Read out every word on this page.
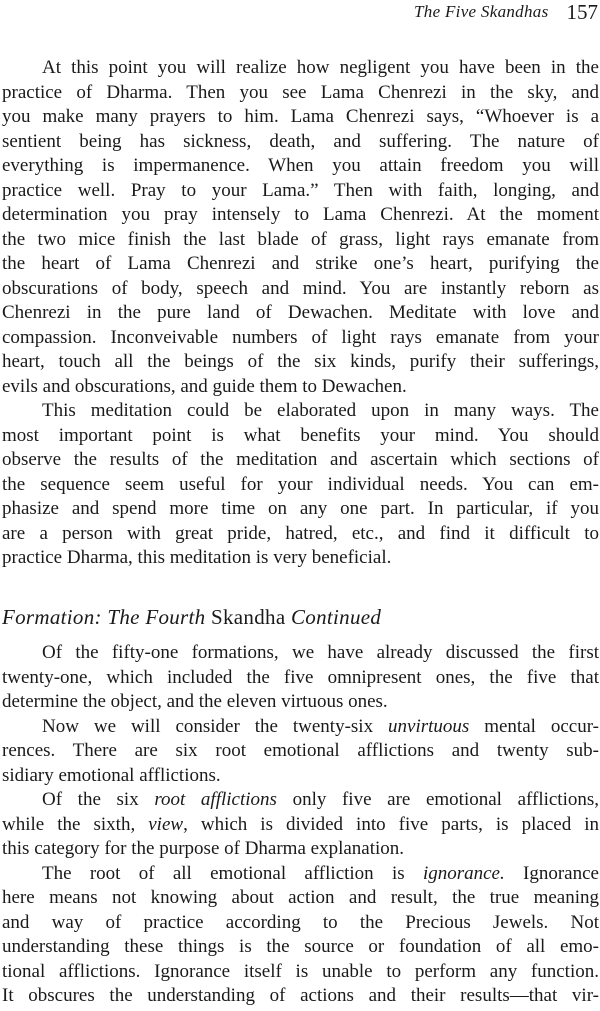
The Five Skandhas 157
At this point you will realize how negligent you have been in the
practice of Dharma. Then you see Lama Chenrezi in the sky, and
you make many prayers to him. Lama Chenrezi says, “Whoever is a
sentient being has sickness, death, and suffering. The nature of
everything is impermanence. When you attain freedom you will
practice well. Pray to your Lama.” Then with faith, longing, and
determination you pray intensely to Lama Chenrezi. At the moment
the two mice finish the last blade of grass, light rays emanate from
the heart of Lama Chenrezi and strike one’s heart, purifying the
obscurations of body, speech and mind. You are instantly reborn as
Chenrezi in the pure land of Dewachen. Meditate with love and
compassion. Inconveivable numbers of light rays emanate from your
heart, touch all the beings of the six kinds, purify their sufferings,
evils and obscurations, and guide them to Dewachen.
This meditation could be elaborated upon in many ways. The
most important point is what benefits your mind. You should
observe the results of the meditation and ascertain which sections of
the sequence seem useful for your individual needs. You can em-
phasize and spend more time on any one part. In particular, if you
are a person with great pride, hatred, etc., and find it difficult to
practice Dharma, this meditation is very beneficial.
Formation: The Fourth Skandha Continued
Of the fifty-one formations, we have already discussed the first
twenty-one, which included the five omnipresent ones, the five that
determine the object, and the eleven virtuous ones.
Now we will consider the twenty-six unvirtuous mental occur-
rences. There are six root emotional afflictions and twenty sub-
sidiary emotional afflictions.
Of the six root afflictions only five are emotional afflictions,
while the sixth, view, which is divided into five parts, is placed in
this category for the purpose of Dharma explanation.
The root of all emotional affliction is ignorance. Ignorance
here means not knowing about action and result, the true meaning
and way of practice according to the Precious Jewels. Not
understanding these things is the source or foundation of all emo-
tional afflictions. Ignorance itself is unable to perform any function.
It obscures the understanding of actions and their results—that vir-
